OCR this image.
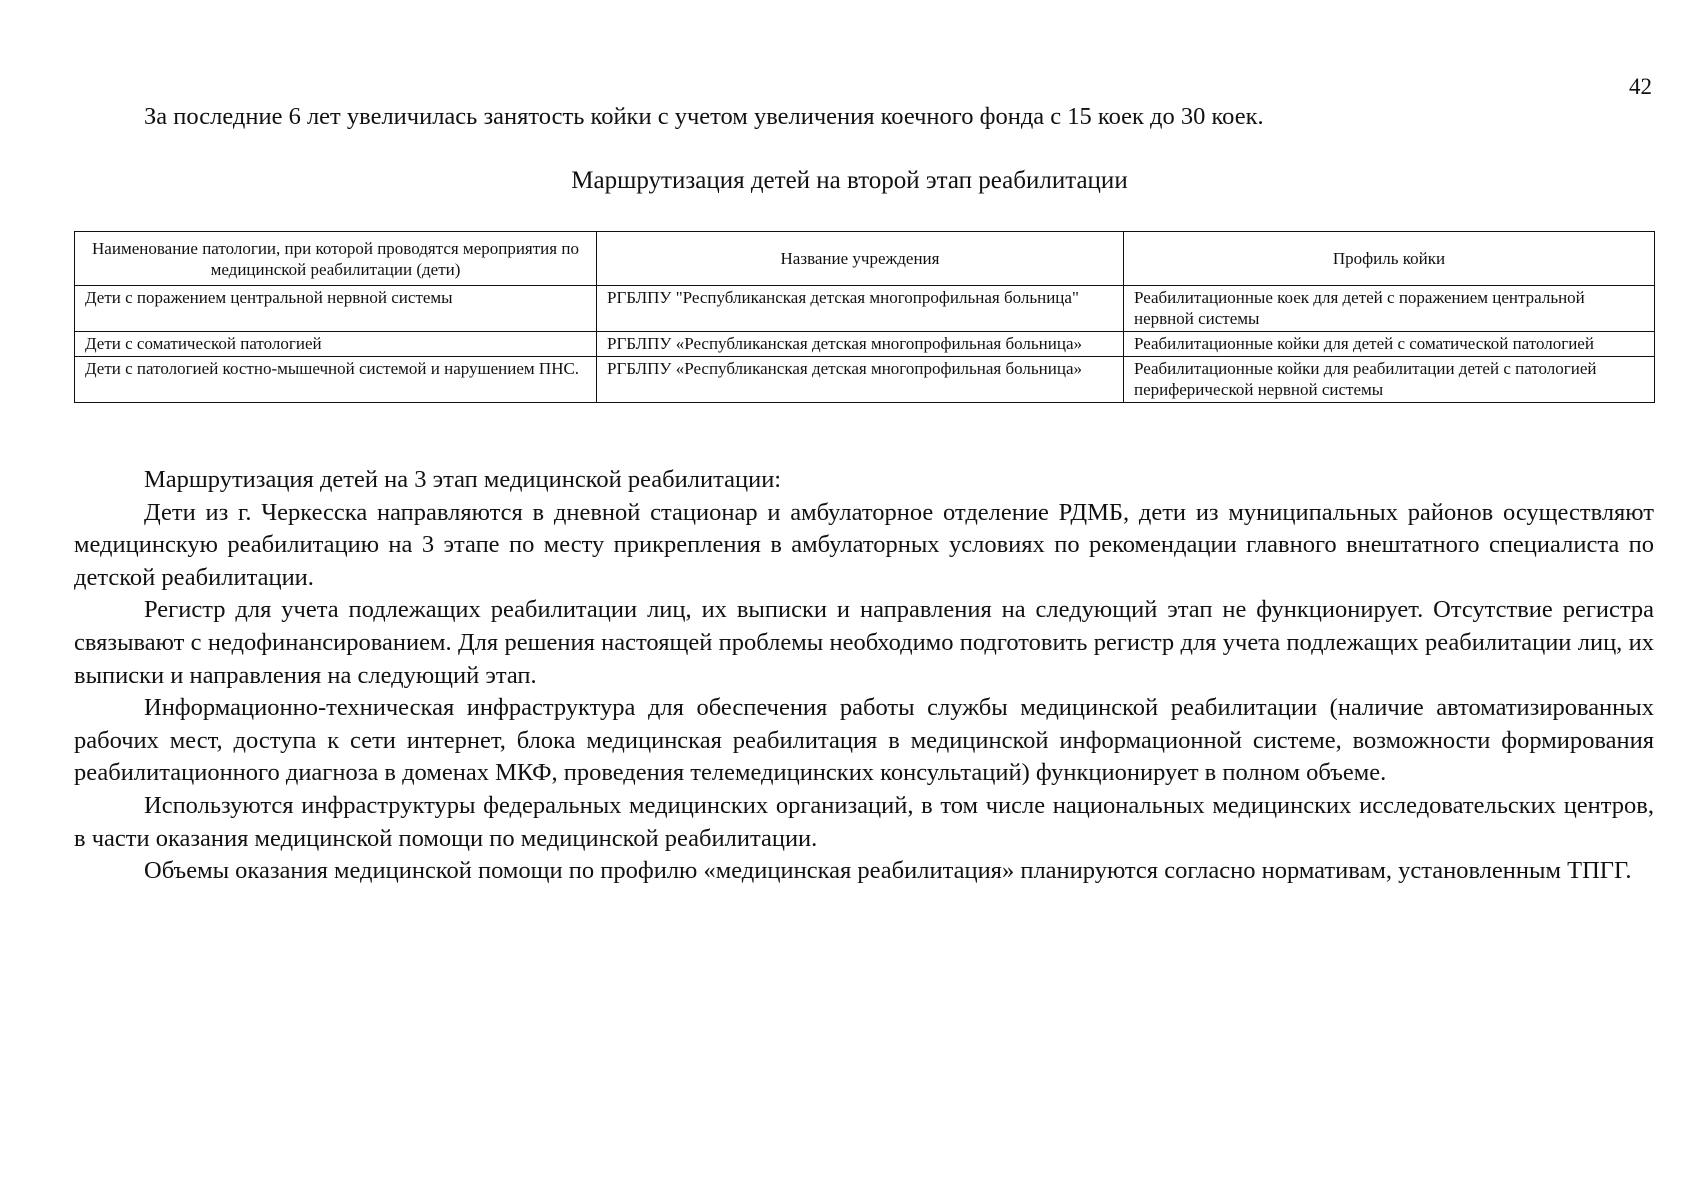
42
За последние 6 лет увеличилась занятость койки с учетом увеличения коечного фонда с 15 коек до 30 коек.
Маршрутизация детей на второй этап реабилитации
Наименование патологии, при которой проводятся мероприятия по медицинской реабилитации (дети)	Название учреждения	Профиль койки
Дети с поражением центральной нервной системы	РГБЛПУ "Республиканская детская многопрофильная больница"	Реабилитационные коек для детей с поражением центральной нервной системы
Дети с соматической патологией	РГБЛПУ «Республиканская детская многопрофильная больница»	Реабилитационные койки для детей с соматической патологией
Дети с патологией костно-мышечной системой и нарушением ПНС.	РГБЛПУ «Республиканская детская многопрофильная больница»	Реабилитационные койки для реабилитации детей с патологией периферической нервной системы

Маршрутизация детей на 3 этап медицинской реабилитации:

Дети из г. Черкесска направляются в дневной стационар и амбулаторное отделение РДМБ, дети из муниципальных районов осуществляют медицинскую реабилитацию на 3 этапе по месту прикрепления в амбулаторных условиях по рекомендации главного внештатного специалиста по детской реабилитации.

Регистр для учета подлежащих реабилитации лиц, их выписки и направления на следующий этап не функционирует. Отсутствие регистра связывают с недофинансированием. Для решения настоящей проблемы необходимо подготовить регистр для учета подлежащих реабилитации лиц, их выписки и направления на следующий этап.

Информационно-техническая инфраструктура для обеспечения работы службы медицинской реабилитации (наличие автоматизированных рабочих мест, доступа к сети интернет, блока медицинская реабилитация в медицинской информационной системе, возможности формирования реабилитационного диагноза в доменах МКФ, проведения телемедицинских консультаций) функционирует в полном объеме.

Используются инфраструктуры федеральных медицинских организаций, в том числе национальных медицинских исследовательских центров, в части оказания медицинской помощи по медицинской реабилитации.

Объемы оказания медицинской помощи по профилю «медицинская реабилитация» планируются согласно нормативам, установленным ТПГГ.
